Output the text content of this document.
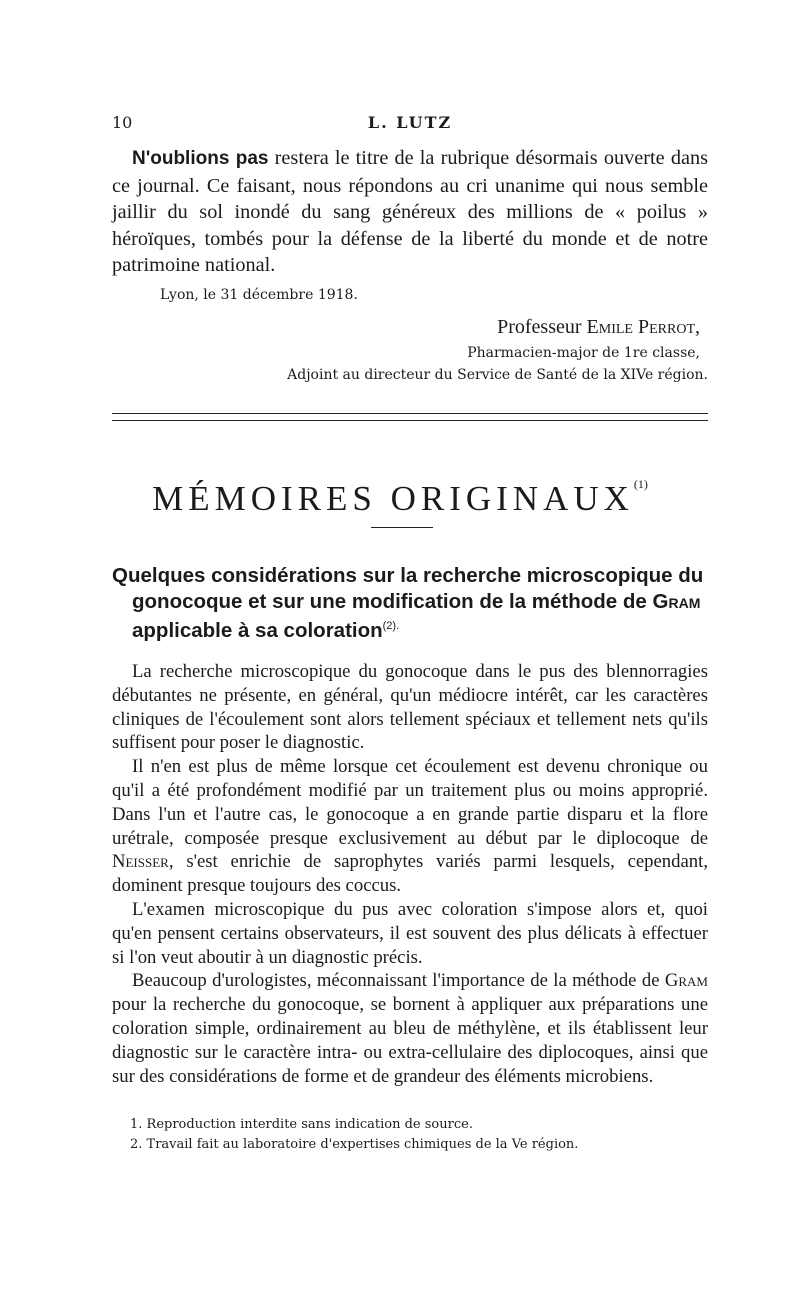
10	L. LUTZ

N'oublions pas restera le titre de la rubrique désormais ouverte dans ce journal. Ce faisant, nous répondons au cri unanime qui nous semble jaillir du sol inondé du sang généreux des millions de « poilus » héroïques, tombés pour la défense de la liberté du monde et de notre patrimoine national.

Lyon, le 31 décembre 1918.
Professeur Emile Perrot,
Pharmacien-major de 1re classe,
Adjoint au directeur du Service de Santé de la XIVe région.
MÉMOIRES ORIGINAUX$^{(1)}$
Quelques considérations sur la recherche microscopique du
gonocoque et sur une modification de la méthode de Gram
applicable à sa coloration$^{(2).}$

La recherche microscopique du gonocoque dans le pus des blennorragies débutantes ne présente, en général, qu'un médiocre intérêt, car les caractères cliniques de l'écoulement sont alors tellement spéciaux et tellement nets qu'ils suffisent pour poser le diagnostic.

Il n'en est plus de même lorsque cet écoulement est devenu chronique ou qu'il a été profondément modifié par un traitement plus ou moins approprié. Dans l'un et l'autre cas, le gonocoque a en grande partie disparu et la flore urétrale, composée presque exclusivement au début par le diplocoque de Neisser, s'est enrichie de saprophytes variés parmi lesquels, cependant, dominent presque toujours des coccus.

L'examen microscopique du pus avec coloration s'impose alors et, quoi qu'en pensent certains observateurs, il est souvent des plus délicats à effectuer si l'on veut aboutir à un diagnostic précis.

Beaucoup d'urologistes, méconnaissant l'importance de la méthode de Gram pour la recherche du gonocoque, se bornent à appliquer aux préparations une coloration simple, ordinairement au bleu de méthylène, et ils établissent leur diagnostic sur le caractère intra- ou extra-cellulaire des diplocoques, ainsi que sur des considérations de forme et de grandeur des éléments microbiens.

1. Reproduction interdite sans indication de source.
2. Travail fait au laboratoire d'expertises chimiques de la Ve région.
